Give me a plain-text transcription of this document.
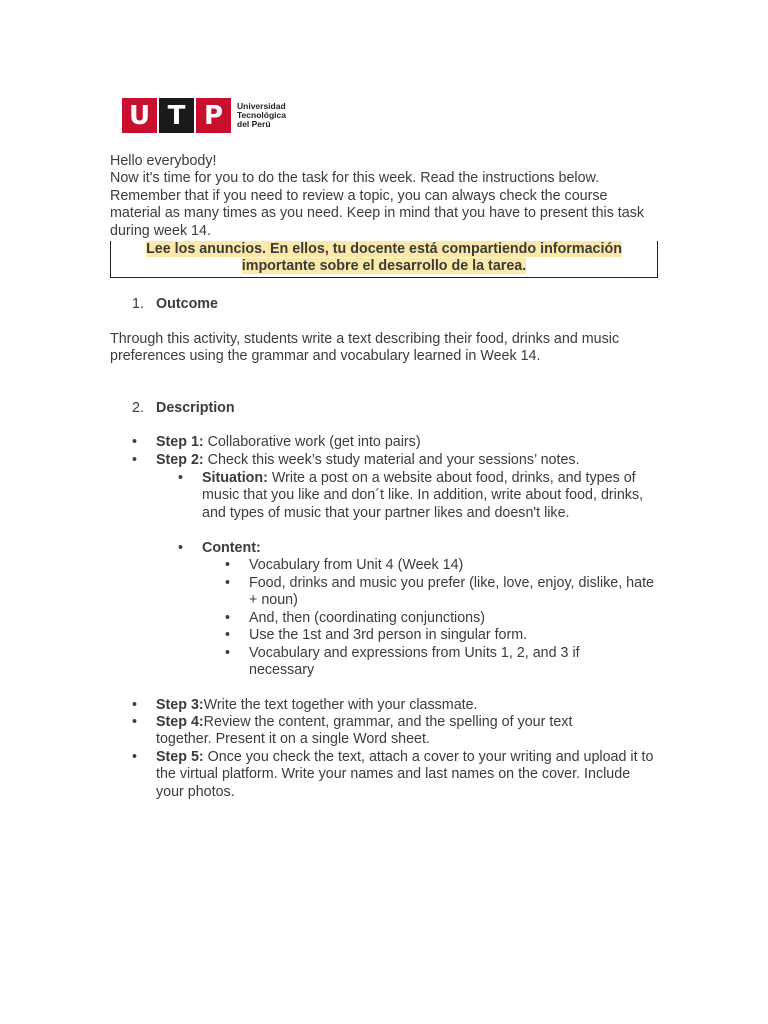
U T P	Universidad
Tecnológica
del Perú
Hello everybody!
Now it's time for you to do the task for this week. Read the instructions below. Remember that if you need to review a topic, you can always check the course material as many times as you need. Keep in mind that you have to present this task during week 14.
Lee los anuncios. En ellos, tu docente está compartiendo información
importante sobre el desarrollo de la tarea.
1. Outcome
Through this activity, students write a text describing their food, drinks and music preferences using the grammar and vocabulary learned in Week 14.
2. Description
• Step 1: Collaborative work (get into pairs)
• Step 2: Check this week’s study material and your sessions’ notes.
• Situation: Write a post on a website about food, drinks, and types of music that you like and don´t like. In addition, write about food, drinks, and types of music that your partner likes and doesn't like.
• Content:
• Vocabulary from Unit 4 (Week 14)
• Food, drinks and music you prefer (like, love, enjoy, dislike, hate + noun)
• And, then (coordinating conjunctions)
• Use the 1st and 3rd person in singular form.
• Vocabulary and expressions from Units 1, 2, and 3 if necessary
• Step 3:Write the text together with your classmate.
• Step 4:Review the content, grammar, and the spelling of your text together. Present it on a single Word sheet.
• Step 5: Once you check the text, attach a cover to your writing and upload it to the virtual platform. Write your names and last names on the cover. Include your photos.
